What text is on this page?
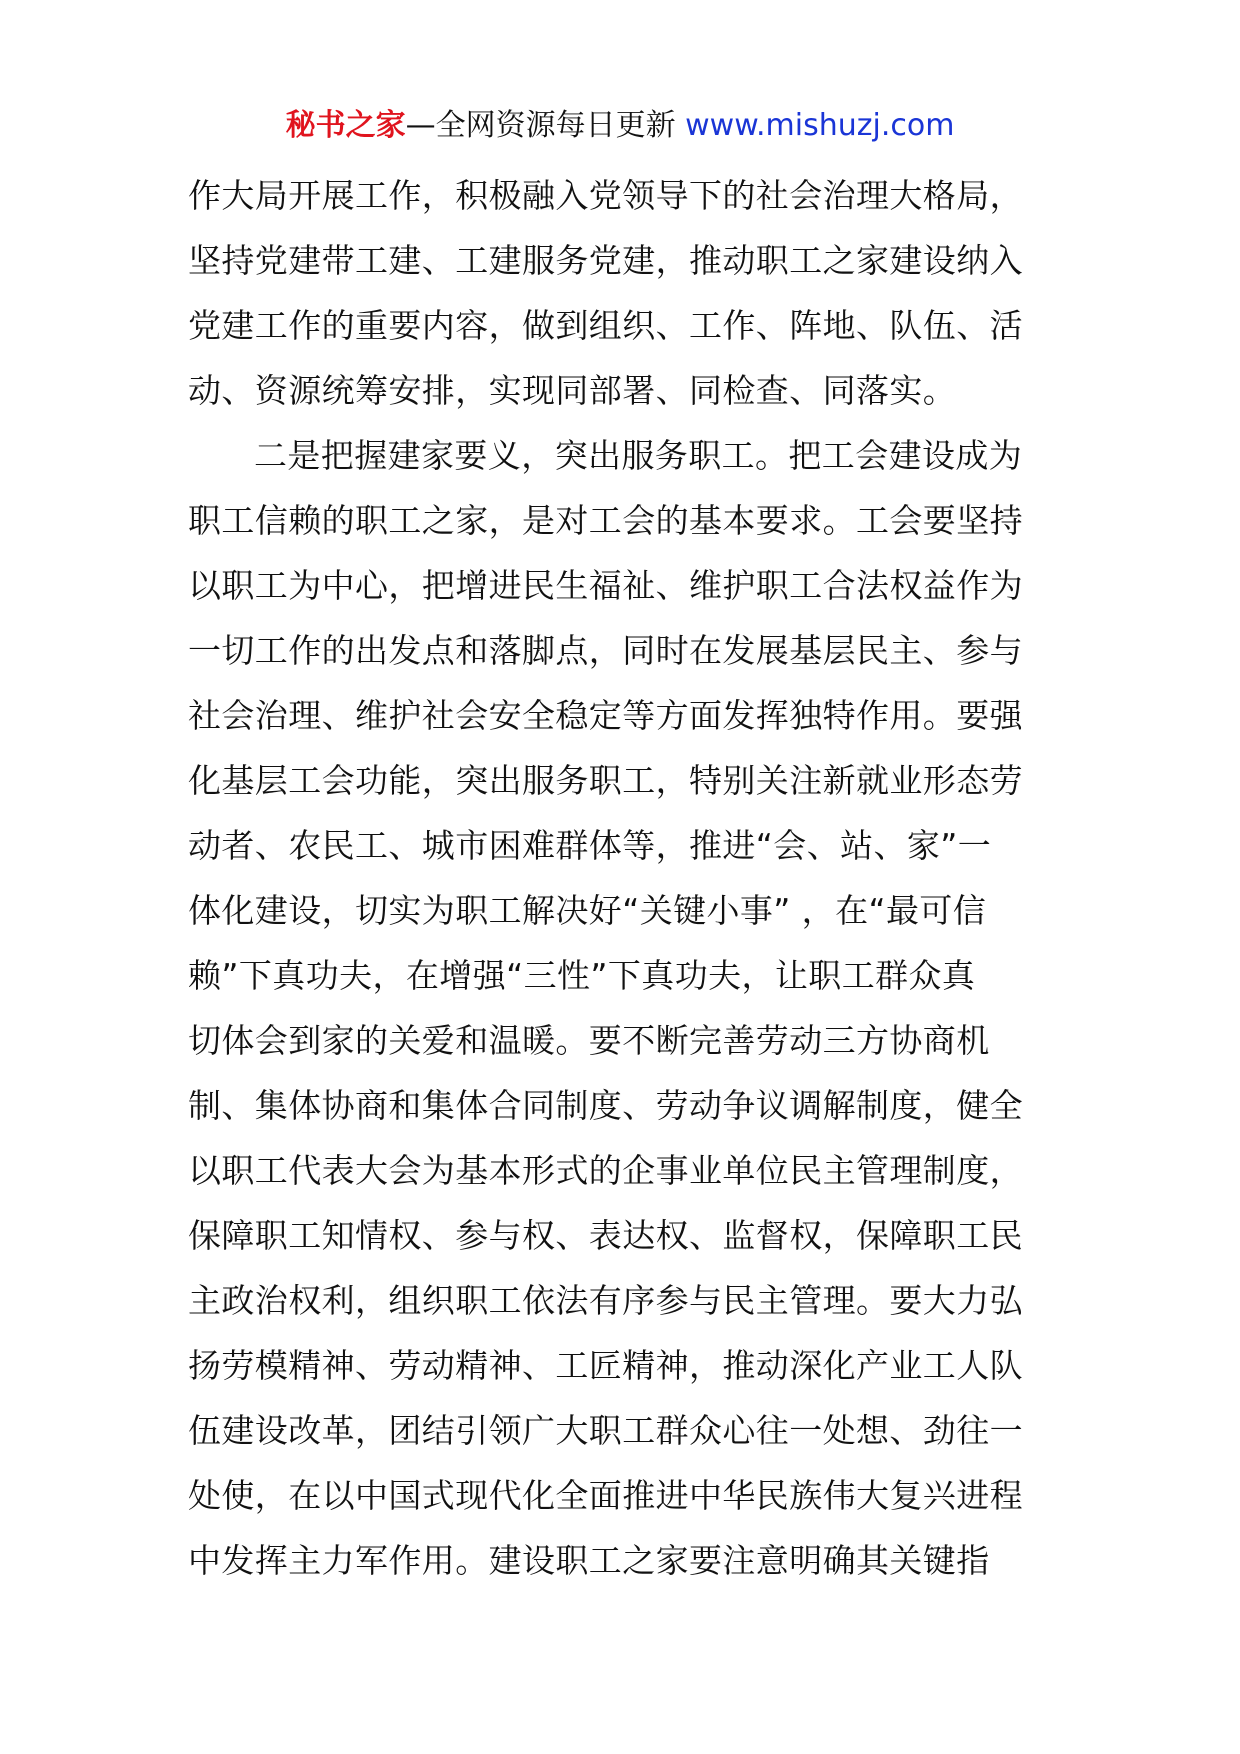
秘书之家—全网资源每日更新 www.mishuzj.com
作大局开展工作，积极融入党领导下的社会治理大格局，
坚持党建带工建、工建服务党建，推动职工之家建设纳入
党建工作的重要内容，做到组织、工作、阵地、队伍、活
动、资源统筹安排，实现同部署、同检查、同落实。
二是把握建家要义，突出服务职工。把工会建设成为
职工信赖的职工之家，是对工会的基本要求。工会要坚持
以职工为中心，把增进民生福祉、维护职工合法权益作为
一切工作的出发点和落脚点，同时在发展基层民主、参与
社会治理、维护社会安全稳定等方面发挥独特作用。要强
化基层工会功能，突出服务职工，特别关注新就业形态劳
动者、农民工、城市困难群体等，推进“会、站、家”一
体化建设，切实为职工解决好“关键小事” ，在“最可信
赖”下真功夫，在增强“三性”下真功夫，让职工群众真
切体会到家的关爱和温暖。要不断完善劳动三方协商机
制、集体协商和集体合同制度、劳动争议调解制度，健全
以职工代表大会为基本形式的企事业单位民主管理制度，
保障职工知情权、参与权、表达权、监督权，保障职工民
主政治权利，组织职工依法有序参与民主管理。要大力弘
扬劳模精神、劳动精神、工匠精神，推动深化产业工人队
伍建设改革，团结引领广大职工群众心往一处想、劲往一
处使，在以中国式现代化全面推进中华民族伟大复兴进程
中发挥主力军作用。建设职工之家要注意明确其关键指
